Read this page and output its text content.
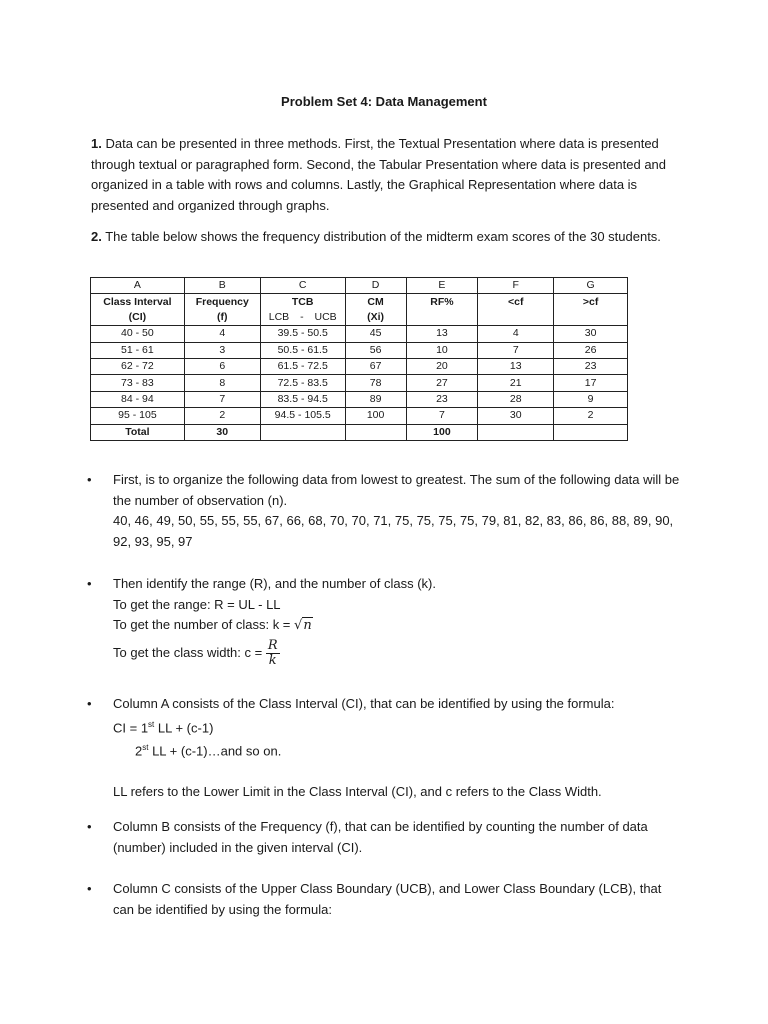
Problem Set 4: Data Management
1. Data can be presented in three methods. First, the Textual Presentation where data is presented through textual or paragraphed form. Second, the Tabular Presentation where data is presented and organized in a table with rows and columns. Lastly, the Graphical Representation where data is presented and organized through graphs.
2. The table below shows the frequency distribution of the midterm exam scores of the 30 students.
A	B	C	D	E	F	G
Class Interval	Frequency	TCB	CM	RF%	<cf	>cf
(CI)	(f)	LCB - UCB	(Xi)			
40 - 50	4	39.5 - 50.5	45	13	4	30
51 - 61	3	50.5 - 61.5	56	10	7	26
62 - 72	6	61.5 - 72.5	67	20	13	23
73 - 83	8	72.5 - 83.5	78	27	21	17
84 - 94	7	83.5 - 94.5	89	23	28	9
95 - 105	2	94.5 - 105.5	100	7	30	2
Total	30			100		
•	First, is to organize the following data from lowest to greatest. The sum of the following data will be the number of observation (n).
40, 46, 49, 50, 55, 55, 55, 67, 66, 68, 70, 70, 71, 75, 75, 75, 75, 79, 81, 82, 83, 86, 86, 88, 89, 90, 92, 93, 95, 97
•	Then identify the range (R), and the number of class (k).
To get the range: R = UL - LL
To get the number of class: k = √n
To get the class width: $c = \frac{R}{k}$
•	Column A consists of the Class Interval (CI), that can be identified by using the formula:
CI = 1st LL + (c-1)
2st LL + (c-1)…and so on.
LL refers to the Lower Limit in the Class Interval (CI), and c refers to the Class Width.
•	Column B consists of the Frequency (f), that can be identified by counting the number of data (number) included in the given interval (CI).
•	Column C consists of the Upper Class Boundary (UCB), and Lower Class Boundary (LCB), that can be identified by using the formula:
